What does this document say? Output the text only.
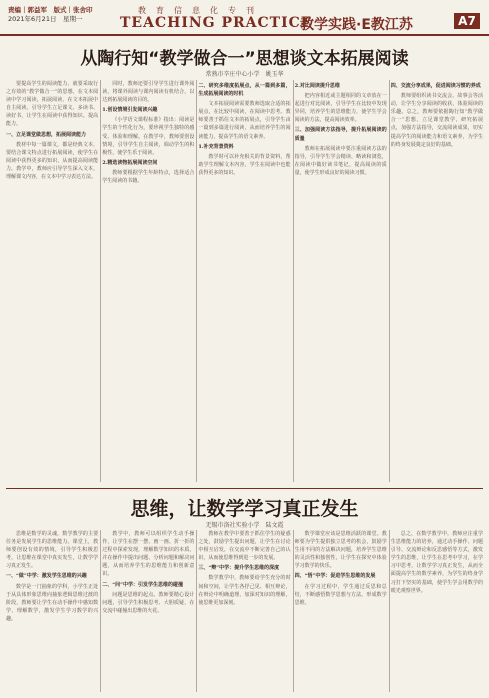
责编｜郭益军　版式｜张舍印
2021年6月21日　星期一
教育信息化专刊
TEACHING PRACTICE
教学实践·E教江苏	A7
从陶行知“教学做合一”思想谈文本拓展阅读
常熟市辛庄中心小学　姚玉华

要提高学生的阅读能力，就要采取行之有效的“教学做合一”的思想，在文本阅读中学习阅读，拓展阅读，在文本拓展中自主阅读。引导学生立足课文、多读书、读好书，让学生在阅读中获得知识、提高能力。

一、立足课堂做思想，拓展阅读能力

教材中每一篇课文，都是经典文本，要结合课文特点进行拓展阅读，使学生在阅读中获得更多的知识，从而提高阅读能力。教学中，教师应引导学生深入文本，理解课文内容，在文本中学习表达方法。

同时，教师还要引导学生进行课外阅读，将课外阅读与课内阅读有机结合，以达到拓展阅读的目的。

1.创设情境引发阅读兴趣

《小学语文课程标准》指出：阅读是学生的个性化行为，要珍视学生独特的感受、体验和理解。在教学中，教师要创设情境，引导学生自主阅读，调动学生的积极性，使学生乐于阅读。

2.精选读物拓展阅读空间

教师要根据学生年龄特点，选择适合学生阅读的书籍。

二、研究多维度拓展点，从一篇到多篇，生成拓展阅读的时机

文本拓展阅读需要教师选取合适的拓展点，在比较中阅读，在阅读中思考。教师要善于抓住文本的拓展点，引导学生由一篇到多篇进行阅读，从而培养学生的阅读能力，提高学生的语文素养。

1.补充背景资料

教学时可以补充相关的背景资料，帮助学生理解文本内容，学生在阅读中也能获得更多的知识。

2.对比阅读提升思维

把内容相近或主题相同的文章放在一起进行对比阅读，引导学生在比较中发现异同，培养学生的思维能力，使学生学会阅读的方法，提高阅读效率。

三、加强阅读方法指导，提升拓展阅读的质量

教师在拓展阅读中要注重阅读方法的指导，引导学生学会精读、略读和浏览，在阅读中做好读书笔记，提高阅读的质量，使学生形成良好的阅读习惯。

四、交流分享成果，促进阅读习惯的养成

教师要组织读书交流会、故事会等活动，让学生分享阅读的收获，体验阅读的乐趣。总之，教师要依据陶行知“教学做合一”思想，立足课堂教学，研究拓展点，加强方法指导，交流阅读成果，切实提高学生的阅读能力和语文素养，为学生的终身发展奠定良好的基础。

思维，让数学学习真正发生
无锡市洛社实验小学　陆文霞

思维是数学的灵魂，数学教学的主要任务是发展学生的思维能力。课堂上，教师要创设有效的情境，引导学生积极思考，让思维在课堂中真实发生，让数学学习真正发生。

一、“做”中学：激发学生思维的兴趣

数学是一门抽象的学科，小学生正处于从具体形象思维向抽象逻辑思维过渡的阶段，教师要让学生在动手操作中感知数学、理解数学，激发学生学习数学的兴趣。

教学中，教师可以组织学生动手操作，让学生在摆一摆、画一画、折一折的过程中探索发现，理解数学知识的本质，并在操作中提出问题、分析问题和解决问题，从而培养学生的思维能力和创新意识。

二、“问”中学：引发学生思维的碰撞

问题是思维的起点。教师要精心设计问题，引导学生积极思考、大胆质疑，在交流中碰撞出思维的火花。

教师在教学中要善于抓住学生的疑惑之处，鼓励学生提出问题，让学生在讨论中相互启发，在交流中不断完善自己的认识，从而使思维得到进一步的发展。

三、“辩”中学：提升学生思维的深度

数学教学中，教师要给学生充分的时间和空间，让学生各抒己见、相互辩论，在辩论中明确道理，加深对知识的理解，使思维更加深刻。

数学课堂应该是思维活跃的课堂。教师要为学生提供独立思考的机会，鼓励学生用不同的方法解决问题，培养学生思维的灵活性和独创性，让学生在探究中体验学习数学的快乐。

四、“悟”中学：促进学生思维的发展

在学习过程中，学生通过反思和总结，不断感悟数学思想与方法，形成数学思维。

总之，在数学教学中，教师应注重学生思维能力的培养，通过动手操作、问题引导、交流辩论和反思感悟等方式，激发学生的思维，让学生在思考中学习，在学习中思考，让数学学习真正发生，从而全面提高学生的数学素养，为学生的终身学习打下坚实的基础，使学生学会用数学的眼光观察世界。
